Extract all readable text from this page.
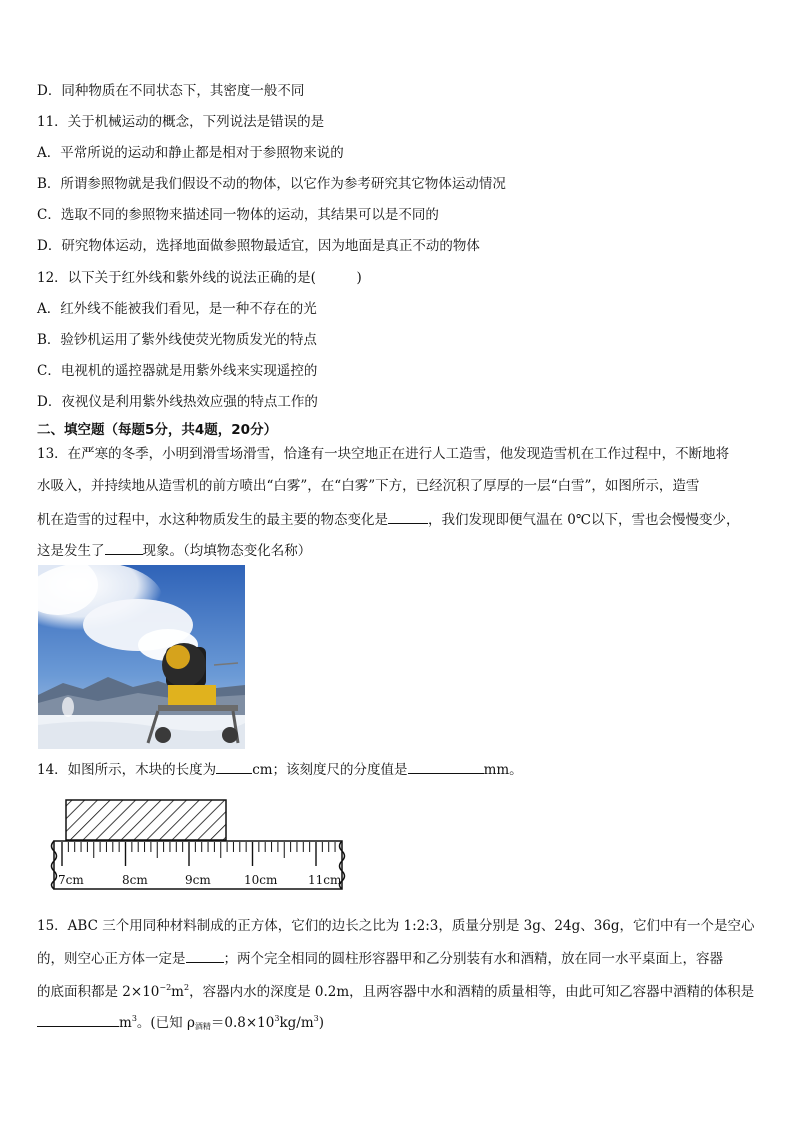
D．同种物质在不同状态下，其密度一般不同
11．关于机械运动的概念，下列说法是错误的是
A．平常所说的运动和静止都是相对于参照物来说的
B．所谓参照物就是我们假设不动的物体，以它作为参考研究其它物体运动情况
C．选取不同的参照物来描述同一物体的运动，其结果可以是不同的
D．研究物体运动，选择地面做参照物最适宜，因为地面是真正不动的物体
12．以下关于红外线和紫外线的说法正确的是(　　　)
A．红外线不能被我们看见，是一种不存在的光
B．验钞机运用了紫外线使荧光物质发光的特点
C．电视机的遥控器就是用紫外线来实现遥控的
D．夜视仪是利用紫外线热效应强的特点工作的
二、填空题（每题5分，共4题，20分）
13．在严寒的冬季，小明到滑雪场滑雪，恰逢有一块空地正在进行人工造雪，他发现造雪机在工作过程中，不断地将
水吸入，并持续地从造雪机的前方喷出“白雾”，在“白雾”下方，已经沉积了厚厚的一层“白雪”，如图所示，造雪
机在造雪的过程中，水这种物质发生的最主要的物态变化是	，我们发现即便气温在 0℃以下，雪也会慢慢变少，
这是发生了	现象。（均填物态变化名称）
14．如图所示，木块的长度为	cm；该刻度尺的分度值是	mm。
7cm	8cm	9cm	10cm	11cm
15．ABC 三个用同种材料制成的正方体，它们的边长之比为 1:2:3，质量分别是 3g、24g、36g，它们中有一个是空心
的，则空心正方体一定是	；两个完全相同的圆柱形容器甲和乙分别装有水和酒精，放在同一水平桌面上，容器
的底面积都是 $2\times 10^{-2}m^2$，容器内水的深度是 0.2m，且两容器中水和酒精的质量相等，由此可知乙容器中酒精的体积是
$m^3$。(已知 $\rho_{酒精}=0.8\times 10^3kg/m^3$)
